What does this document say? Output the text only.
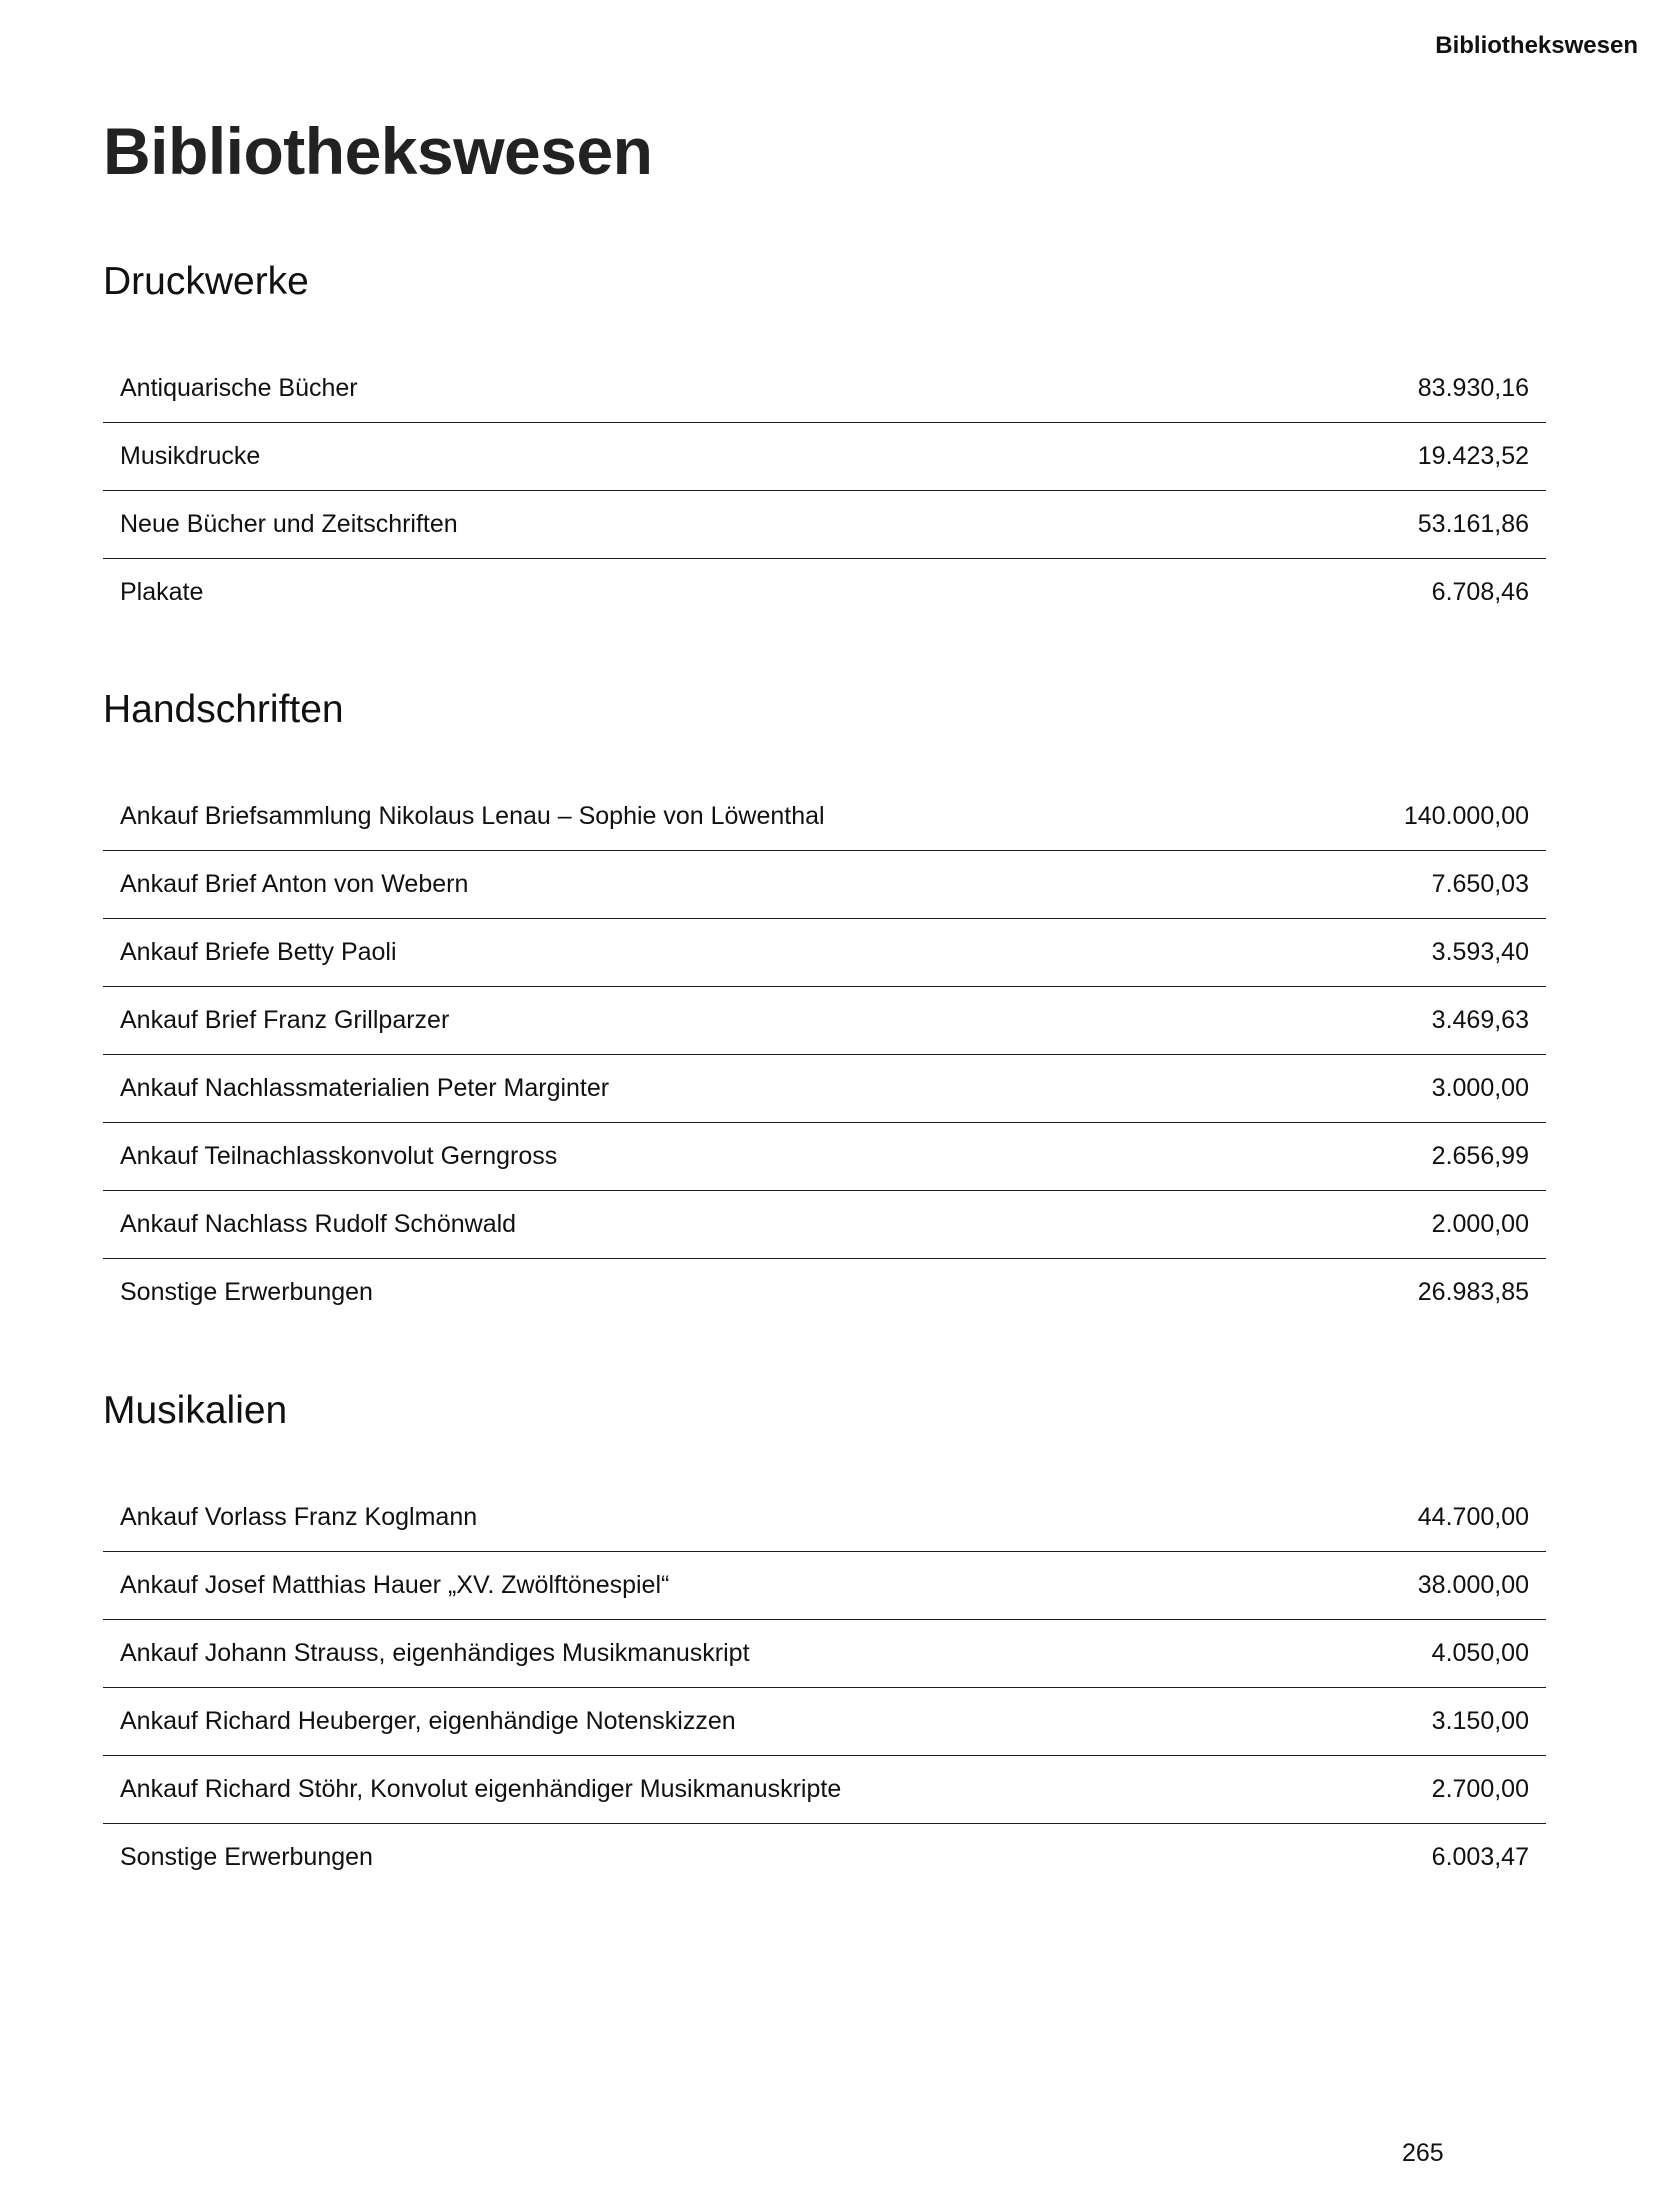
Bibliothekswesen
Bibliothekswesen
Druckwerke
Antiquarische Bücher	83.930,16
Musikdrucke	19.423,52
Neue Bücher und Zeitschriften	53.161,86
Plakate	6.708,46
Handschriften
Ankauf Briefsammlung Nikolaus Lenau – Sophie von Löwenthal	140.000,00
Ankauf Brief Anton von Webern	7.650,03
Ankauf Briefe Betty Paoli	3.593,40
Ankauf Brief Franz Grillparzer	3.469,63
Ankauf Nachlassmaterialien Peter Marginter	3.000,00
Ankauf Teilnachlasskonvolut Gerngross	2.656,99
Ankauf Nachlass Rudolf Schönwald	2.000,00
Sonstige Erwerbungen	26.983,85
Musikalien
Ankauf Vorlass Franz Koglmann	44.700,00
Ankauf Josef Matthias Hauer „XV. Zwölftönespiel“	38.000,00
Ankauf Johann Strauss, eigenhändiges Musikmanuskript	4.050,00
Ankauf Richard Heuberger, eigenhändige Notenskizzen	3.150,00
Ankauf Richard Stöhr, Konvolut eigenhändiger Musikmanuskripte	2.700,00
Sonstige Erwerbungen	6.003,47
265
